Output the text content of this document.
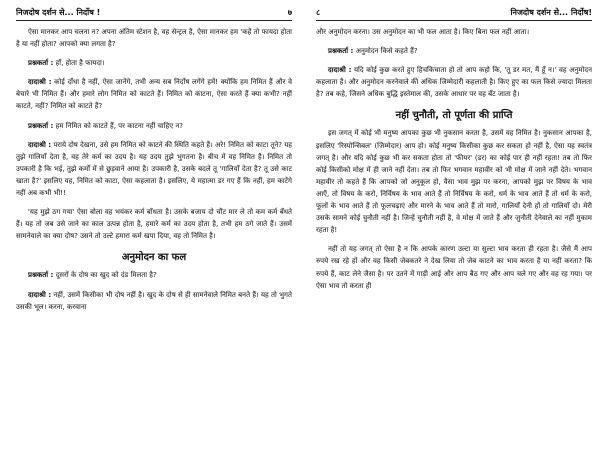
निजदोष दर्शन से... निर्दोष !	७

ऐसा मानकर आप चलना न? अपना अंतिम स्टेशन है, वह सेन्ट्रल है, ऐसा मानकर हम 'कहें तो फायदा होता है या नहीं होता? आपको क्या लगता है?

प्रश्नकर्ता : हाँ, होता है फायदा।

दादाश्री : कोई दाँधा है नहीं, ऐसा जानेंगे, तभी अन्य सब निर्दोष लगेंगे हमें! क्योंकि हम निमित हैं और वे बेचारे भी निमित हैं। और हमारे लोग निमित को काटते हैं। निमित को काटना, ऐसा करते हैं क्या कभी? नहीं काटते, नहीं? निमित को काटते हैं?

प्रश्नकर्ता : हम निमित को काटते हैं, पर काटना नहीं चाहिए न?

दादाश्री : पराये दोष देखना, उसे हम निमित को काटने की स्थिति कहते हैं। अरे! निमित को काटा तूने? यह तुझे गालियाँ देता है, वह तेरे कर्म का उदय है। यह उदय तुझे भुगतना है। बीच में वह निमित है। निमित तो उपकारी है कि भई, तुझे कर्मों में से छुड़वाने आया है। उपकारी है, उसके बदले तू 'गालियाँ देता है? तू उसे काट खाता है?' इसलिए यह, निमित को काटा, ऐसा कहलाता है। इसलिए, ये महात्मा डर गए हैं कि नहीं, हम काटेंगे नहीं अब कभी भी!!

'यह मुझे ठग गया' ऐसा बोला वह भयंकर कर्म बाँधता है। उसके बजाय दो चौंट मार ले तो कम कर्म बँधते हैं। यह तो जब उसे जाने का काल उत्पन्न होता है, हमारे कर्म का उदय होता है, तभी हम ठगे जाते हैं। उसमें सामनेवाले का क्या दोष? उसने तो उल्टे हमारा कर्म खपा दिया, वह तो निमित है।

अनुमोदन का फल

प्रश्नकर्ता : दूसरों के दोष का खुद को दंड मिलता है?

दादाश्री : नहीं, उसमें किसीका भी दोष नहीं है। खुद के दोष से ही सामनेवाले निमित बनते हैं। यह तो भुगते उसकी भूल। करना, करवाना

८	निजदोष दर्शन से... निर्दोष!

और अनुमोदन करना। उस अनुमोदन का भी फल आता है। किए बिना फल नहीं आता।

प्रश्नकर्ता : अनुमोदन किसे कहते हैं?

दादाश्री : यदि कोई कुछ करते हुए हिचकिचाता हो तो आप कहो कि, 'तू डर मत, मैं हूँ न।' वह अनुमोदन कहलाता है। और अनुमोदन करनेवाले की अधिक जिम्मेदारी कहलाती है। किए हुए का फल किसे ज्यादा मिलता है? तब कहे, जिसने अधिक बुद्धि इस्तेमाल की, उसके आधार पर वह बँट जाता है।

नहीं चुनौती, तो पूर्णता की प्राप्ति

इस जगत् में कोई भी मनुष्य आपका कुछ भी नुकसान करता है, उसमें वह निमित है। नुकसान आपका है, इसलिए 'रिस्पोन्सिबल' (जिम्मेदार) आप हो। कोई मनुष्य किसीका कुछ कर सकता हो नहीं है, ऐसा यह स्वतंत्र जगत् है। और यदि कोई कुछ भी कर सकता होता तो 'फीयर' (डर) का कोई पार ही नहीं रहता! तब तो फिर कोई किसीको मोक्ष में ही जाने नहीं देता। तब तो फिर भगवान महावीर को भी मोक्ष में जाने नहीं देते। भगवान महावीर तो कहते हैं कि आपको जो अनुकूल हो, वैसा भाव मुझ पर करना, आपको मुझ पर विषय के भाव आएँ, तो विषय के करो, निर्विषय के भाव आते हैं तो निर्विषय के करो, धर्म के भाव आते हैं तो धर्म के करो, फूलों के भाव आते हैं तो फूलचढ़ाएं और मारने के भाव आते हैं तो मारो, गालियाँ देनी हों तो गालियाँ दो। मेरी उसके सामने कोई चुनौती नहीं है। जिन्हें चुनौती नहीं है, वे मोक्ष में जाते हैं और जुनौती देनेवाले का नहीं मुकाम रहता है!

नहीं तो यह जगत् तो ऐसा है न कि आपके कारण उल्टा या सुल्टा भाव करता ही रहता है। जैसे मैं आप रुपये रख रहे हों और वह किसी जेबकतरे ने देख लिया तो जेब काटने का भाव करता है या नहीं करता? कि रुपये हैं, काट लेने जैसा है। पर उतने में गाड़ी आई और आप बैठ गए और आप चले गए और वह रह गया। पर ऐसा भाव तो करता ही
